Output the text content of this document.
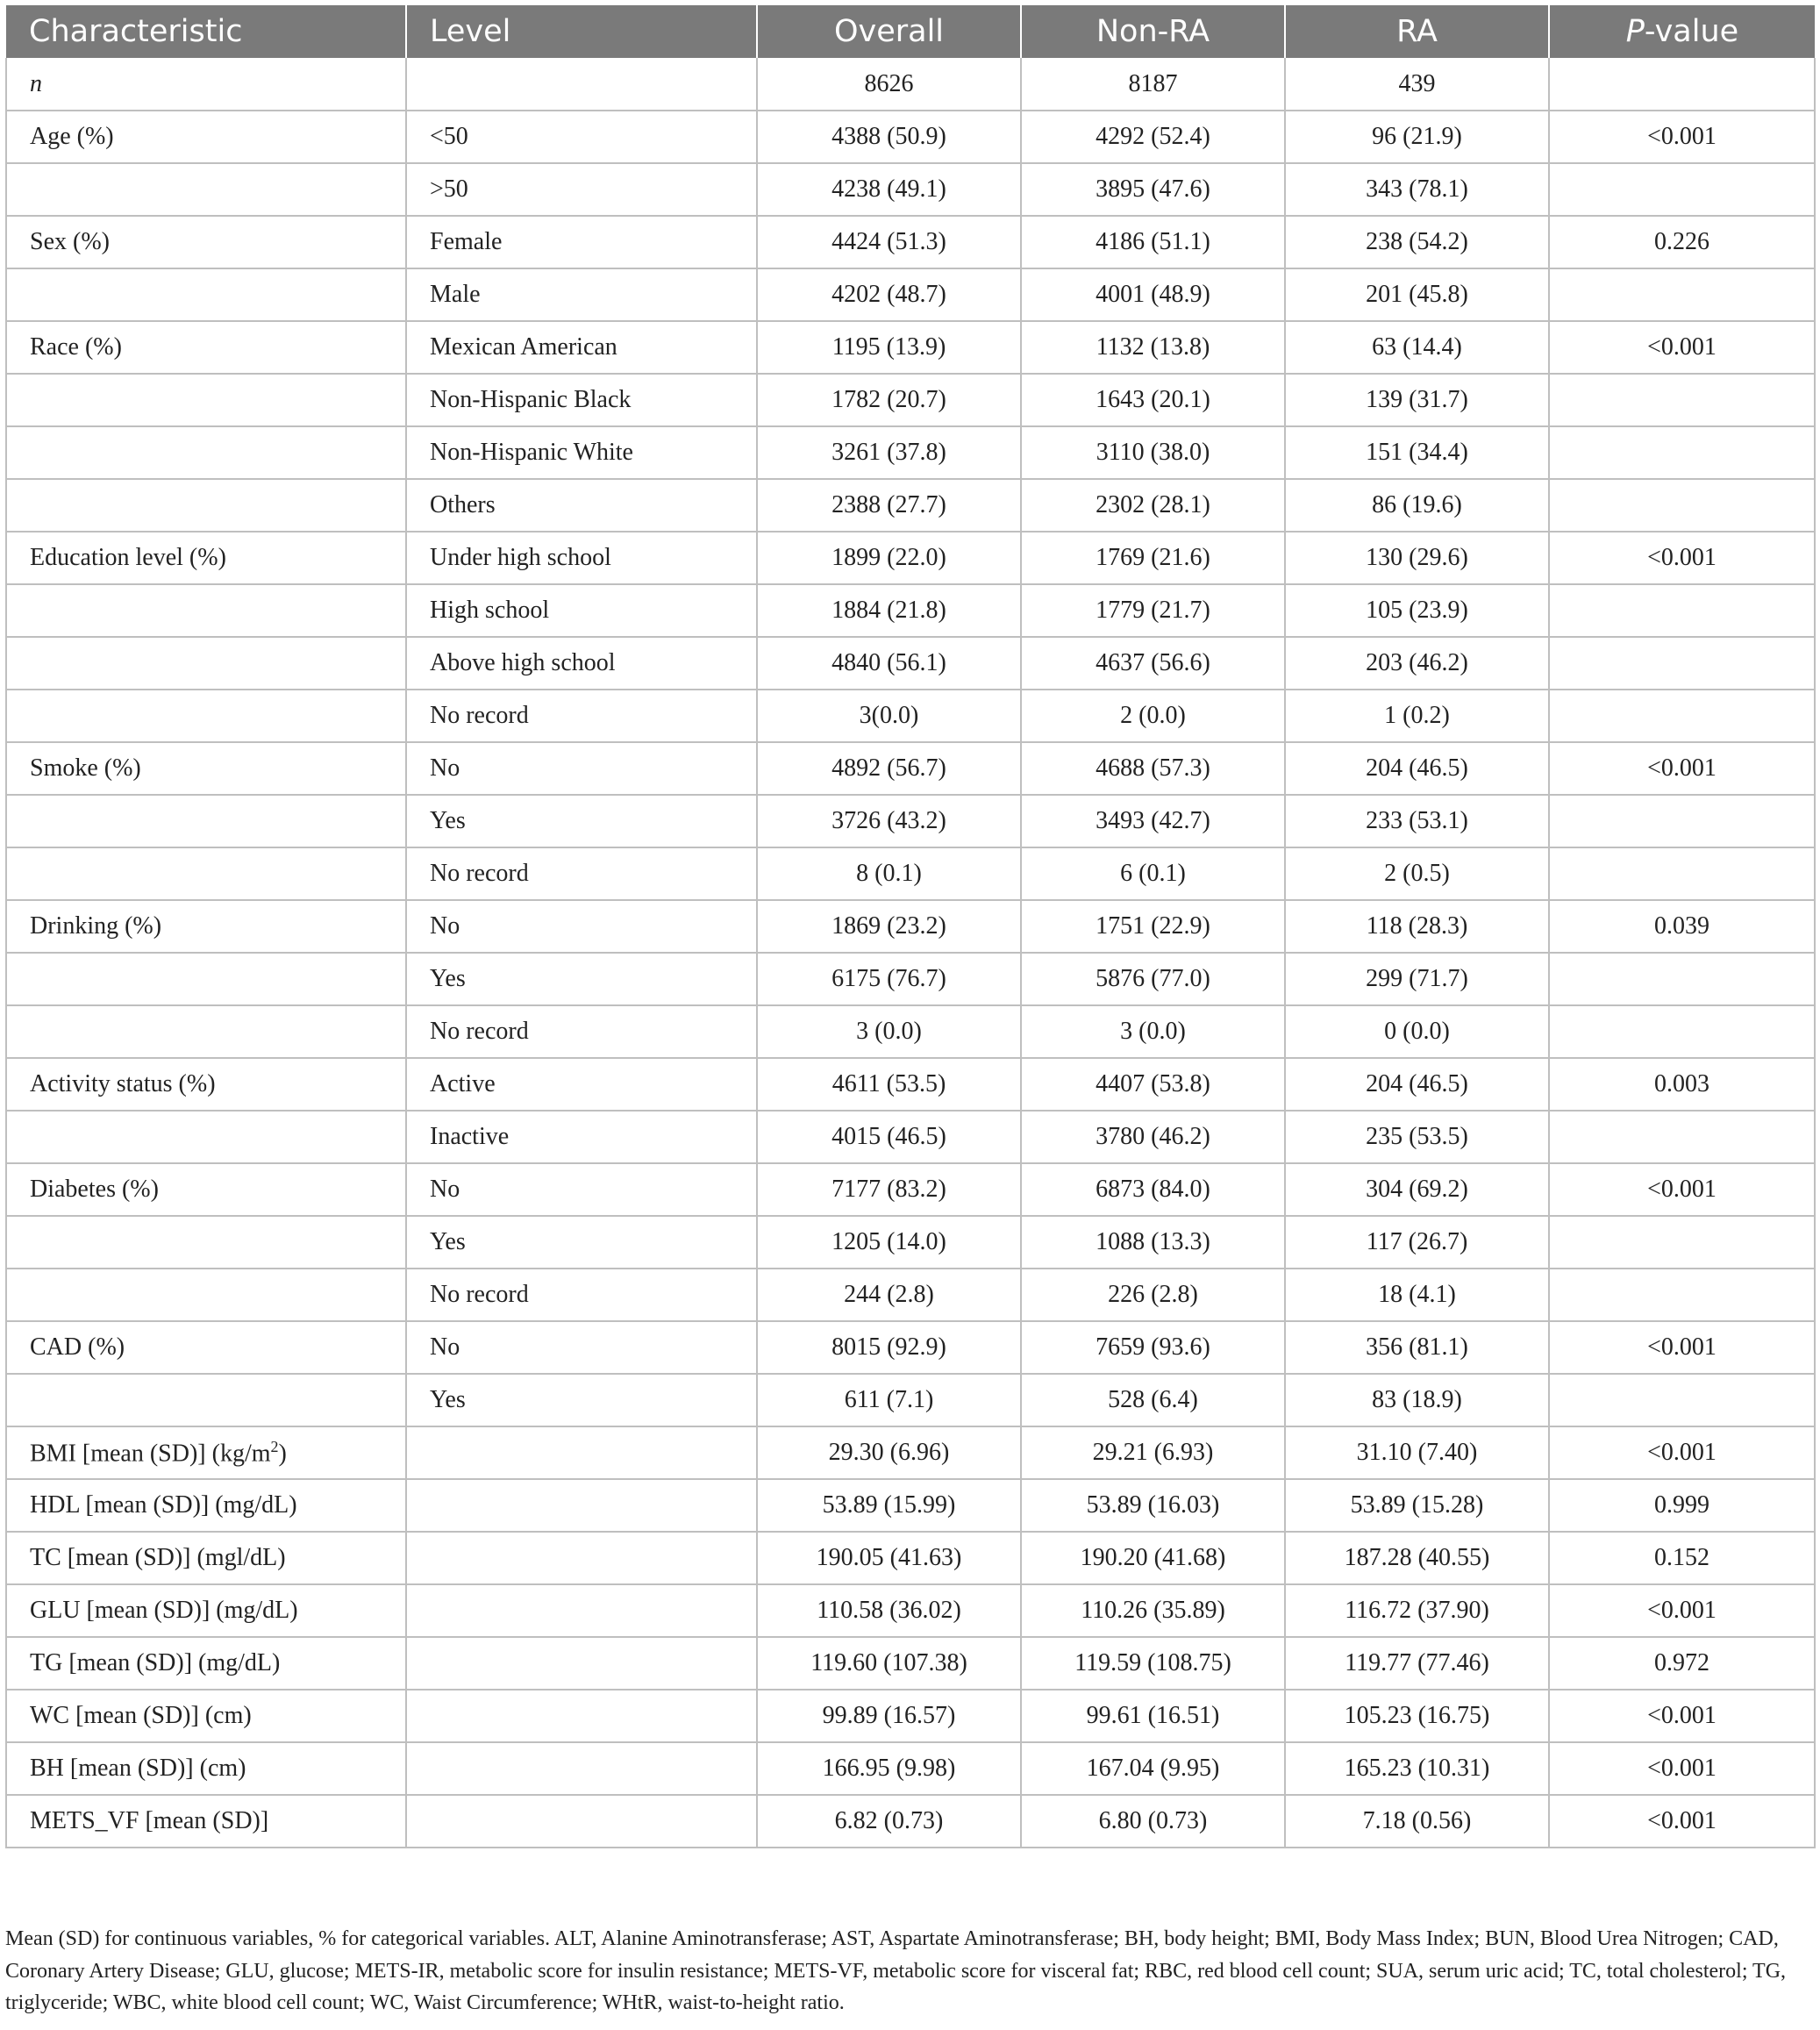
Characteristic	Level	Overall	Non-RA	RA	P-value
n		8626	8187	439	
Age (%)	<50	4388 (50.9)	4292 (52.4)	96 (21.9)	<0.001
	>50	4238 (49.1)	3895 (47.6)	343 (78.1)	
Sex (%)	Female	4424 (51.3)	4186 (51.1)	238 (54.2)	0.226
	Male	4202 (48.7)	4001 (48.9)	201 (45.8)	
Race (%)	Mexican American	1195 (13.9)	1132 (13.8)	63 (14.4)	<0.001
	Non-Hispanic Black	1782 (20.7)	1643 (20.1)	139 (31.7)	
	Non-Hispanic White	3261 (37.8)	3110 (38.0)	151 (34.4)	
	Others	2388 (27.7)	2302 (28.1)	86 (19.6)	
Education level (%)	Under high school	1899 (22.0)	1769 (21.6)	130 (29.6)	<0.001
	High school	1884 (21.8)	1779 (21.7)	105 (23.9)	
	Above high school	4840 (56.1)	4637 (56.6)	203 (46.2)	
	No record	3(0.0)	2 (0.0)	1 (0.2)	
Smoke (%)	No	4892 (56.7)	4688 (57.3)	204 (46.5)	<0.001
	Yes	3726 (43.2)	3493 (42.7)	233 (53.1)	
	No record	8 (0.1)	6 (0.1)	2 (0.5)	
Drinking (%)	No	1869 (23.2)	1751 (22.9)	118 (28.3)	0.039
	Yes	6175 (76.7)	5876 (77.0)	299 (71.7)	
	No record	3 (0.0)	3 (0.0)	0 (0.0)	
Activity status (%)	Active	4611 (53.5)	4407 (53.8)	204 (46.5)	0.003
	Inactive	4015 (46.5)	3780 (46.2)	235 (53.5)	
Diabetes (%)	No	7177 (83.2)	6873 (84.0)	304 (69.2)	<0.001
	Yes	1205 (14.0)	1088 (13.3)	117 (26.7)	
	No record	244 (2.8)	226 (2.8)	18 (4.1)	
CAD (%)	No	8015 (92.9)	7659 (93.6)	356 (81.1)	<0.001
	Yes	611 (7.1)	528 (6.4)	83 (18.9)	
BMI [mean (SD)] $(kg/m^2)$		29.30 (6.96)	29.21 (6.93)	31.10 (7.40)	<0.001
HDL [mean (SD)] (mg/dL)		53.89 (15.99)	53.89 (16.03)	53.89 (15.28)	0.999
TC [mean (SD)] (mgl/dL)		190.05 (41.63)	190.20 (41.68)	187.28 (40.55)	0.152
GLU [mean (SD)] (mg/dL)		110.58 (36.02)	110.26 (35.89)	116.72 (37.90)	<0.001
TG [mean (SD)] (mg/dL)		119.60 (107.38)	119.59 (108.75)	119.77 (77.46)	0.972
WC [mean (SD)] (cm)		99.89 (16.57)	99.61 (16.51)	105.23 (16.75)	<0.001
BH [mean (SD)] (cm)		166.95 (9.98)	167.04 (9.95)	165.23 (10.31)	<0.001
METS_VF [mean (SD)]		6.82 (0.73)	6.80 (0.73)	7.18 (0.56)	<0.001
Mean (SD) for continuous variables, % for categorical variables. ALT, Alanine Aminotransferase; AST, Aspartate Aminotransferase; BH, body height; BMI, Body Mass Index; BUN, Blood Urea Nitrogen; CAD, Coronary Artery Disease; GLU, glucose; METS-IR, metabolic score for insulin resistance; METS-VF, metabolic score for visceral fat; RBC, red blood cell count; SUA, serum uric acid; TC, total cholesterol; TG, triglyceride; WBC, white blood cell count; WC, Waist Circumference; WHtR, waist-to-height ratio.
